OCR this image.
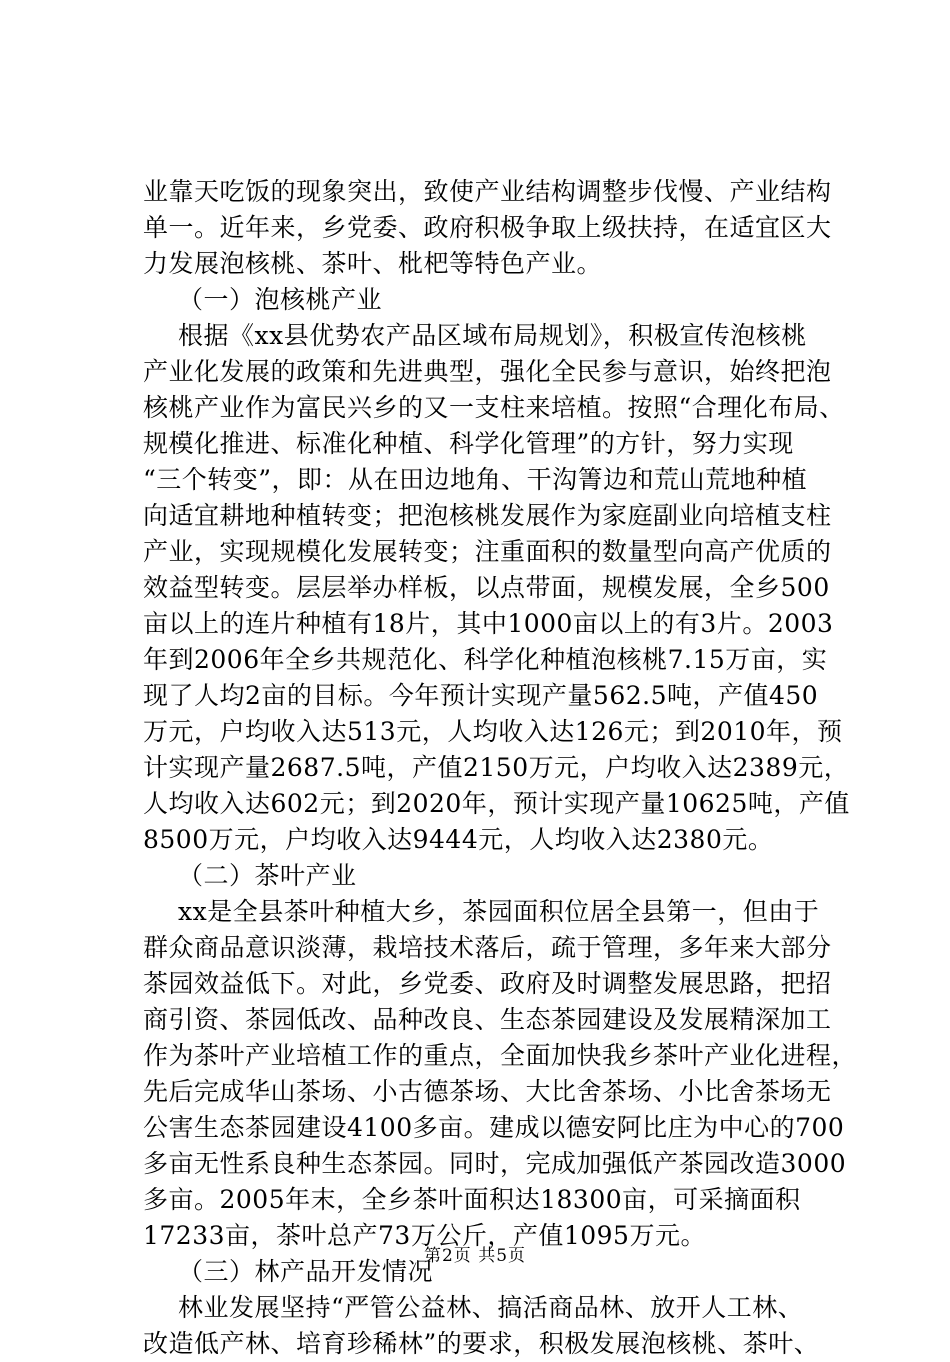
业靠天吃饭的现象突出，致使产业结构调整步伐慢、产业结构
单一。近年来，乡党委、政府积极争取上级扶持，在适宜区大
力发展泡核桃、茶叶、枇杷等特色产业。
（一）泡核桃产业
根据《xx县优势农产品区域布局规划》，积极宣传泡核桃
产业化发展的政策和先进典型，强化全民参与意识，始终把泡
核桃产业作为富民兴乡的又一支柱来培植。按照“合理化布局、
规模化推进、标准化种植、科学化管理”的方针，努力实现
“三个转变”，即：从在田边地角、干沟箐边和荒山荒地种植
向适宜耕地种植转变；把泡核桃发展作为家庭副业向培植支柱
产业，实现规模化发展转变；注重面积的数量型向高产优质的
效益型转变。层层举办样板，以点带面，规模发展，全乡500
亩以上的连片种植有18片，其中1000亩以上的有3片。2003
年到2006年全乡共规范化、科学化种植泡核桃7.15万亩，实
现了人均2亩的目标。今年预计实现产量562.5吨，产值450
万元，户均收入达513元，人均收入达126元；到2010年，预
计实现产量2687.5吨，产值2150万元，户均收入达2389元，
人均收入达602元；到2020年，预计实现产量10625吨，产值
8500万元，户均收入达9444元，人均收入达2380元。
（二）茶叶产业
xx是全县茶叶种植大乡，茶园面积位居全县第一，但由于
群众商品意识淡薄，栽培技术落后，疏于管理，多年来大部分
茶园效益低下。对此，乡党委、政府及时调整发展思路，把招
商引资、茶园低改、品种改良、生态茶园建设及发展精深加工
作为茶叶产业培植工作的重点，全面加快我乡茶叶产业化进程，
先后完成华山茶场、小古德茶场、大比舍茶场、小比舍茶场无
公害生态茶园建设4100多亩。建成以德安阿比庄为中心的700
多亩无性系良种生态茶园。同时，完成加强低产茶园改造3000
多亩。2005年末，全乡茶叶面积达18300亩，可采摘面积
17233亩，茶叶总产73万公斤，产值1095万元。
（三）林产品开发情况
林业发展坚持“严管公益林、搞活商品林、放开人工林、
改造低产林、培育珍稀林”的要求，积极发展泡核桃、茶叶、
第2页 共5页
